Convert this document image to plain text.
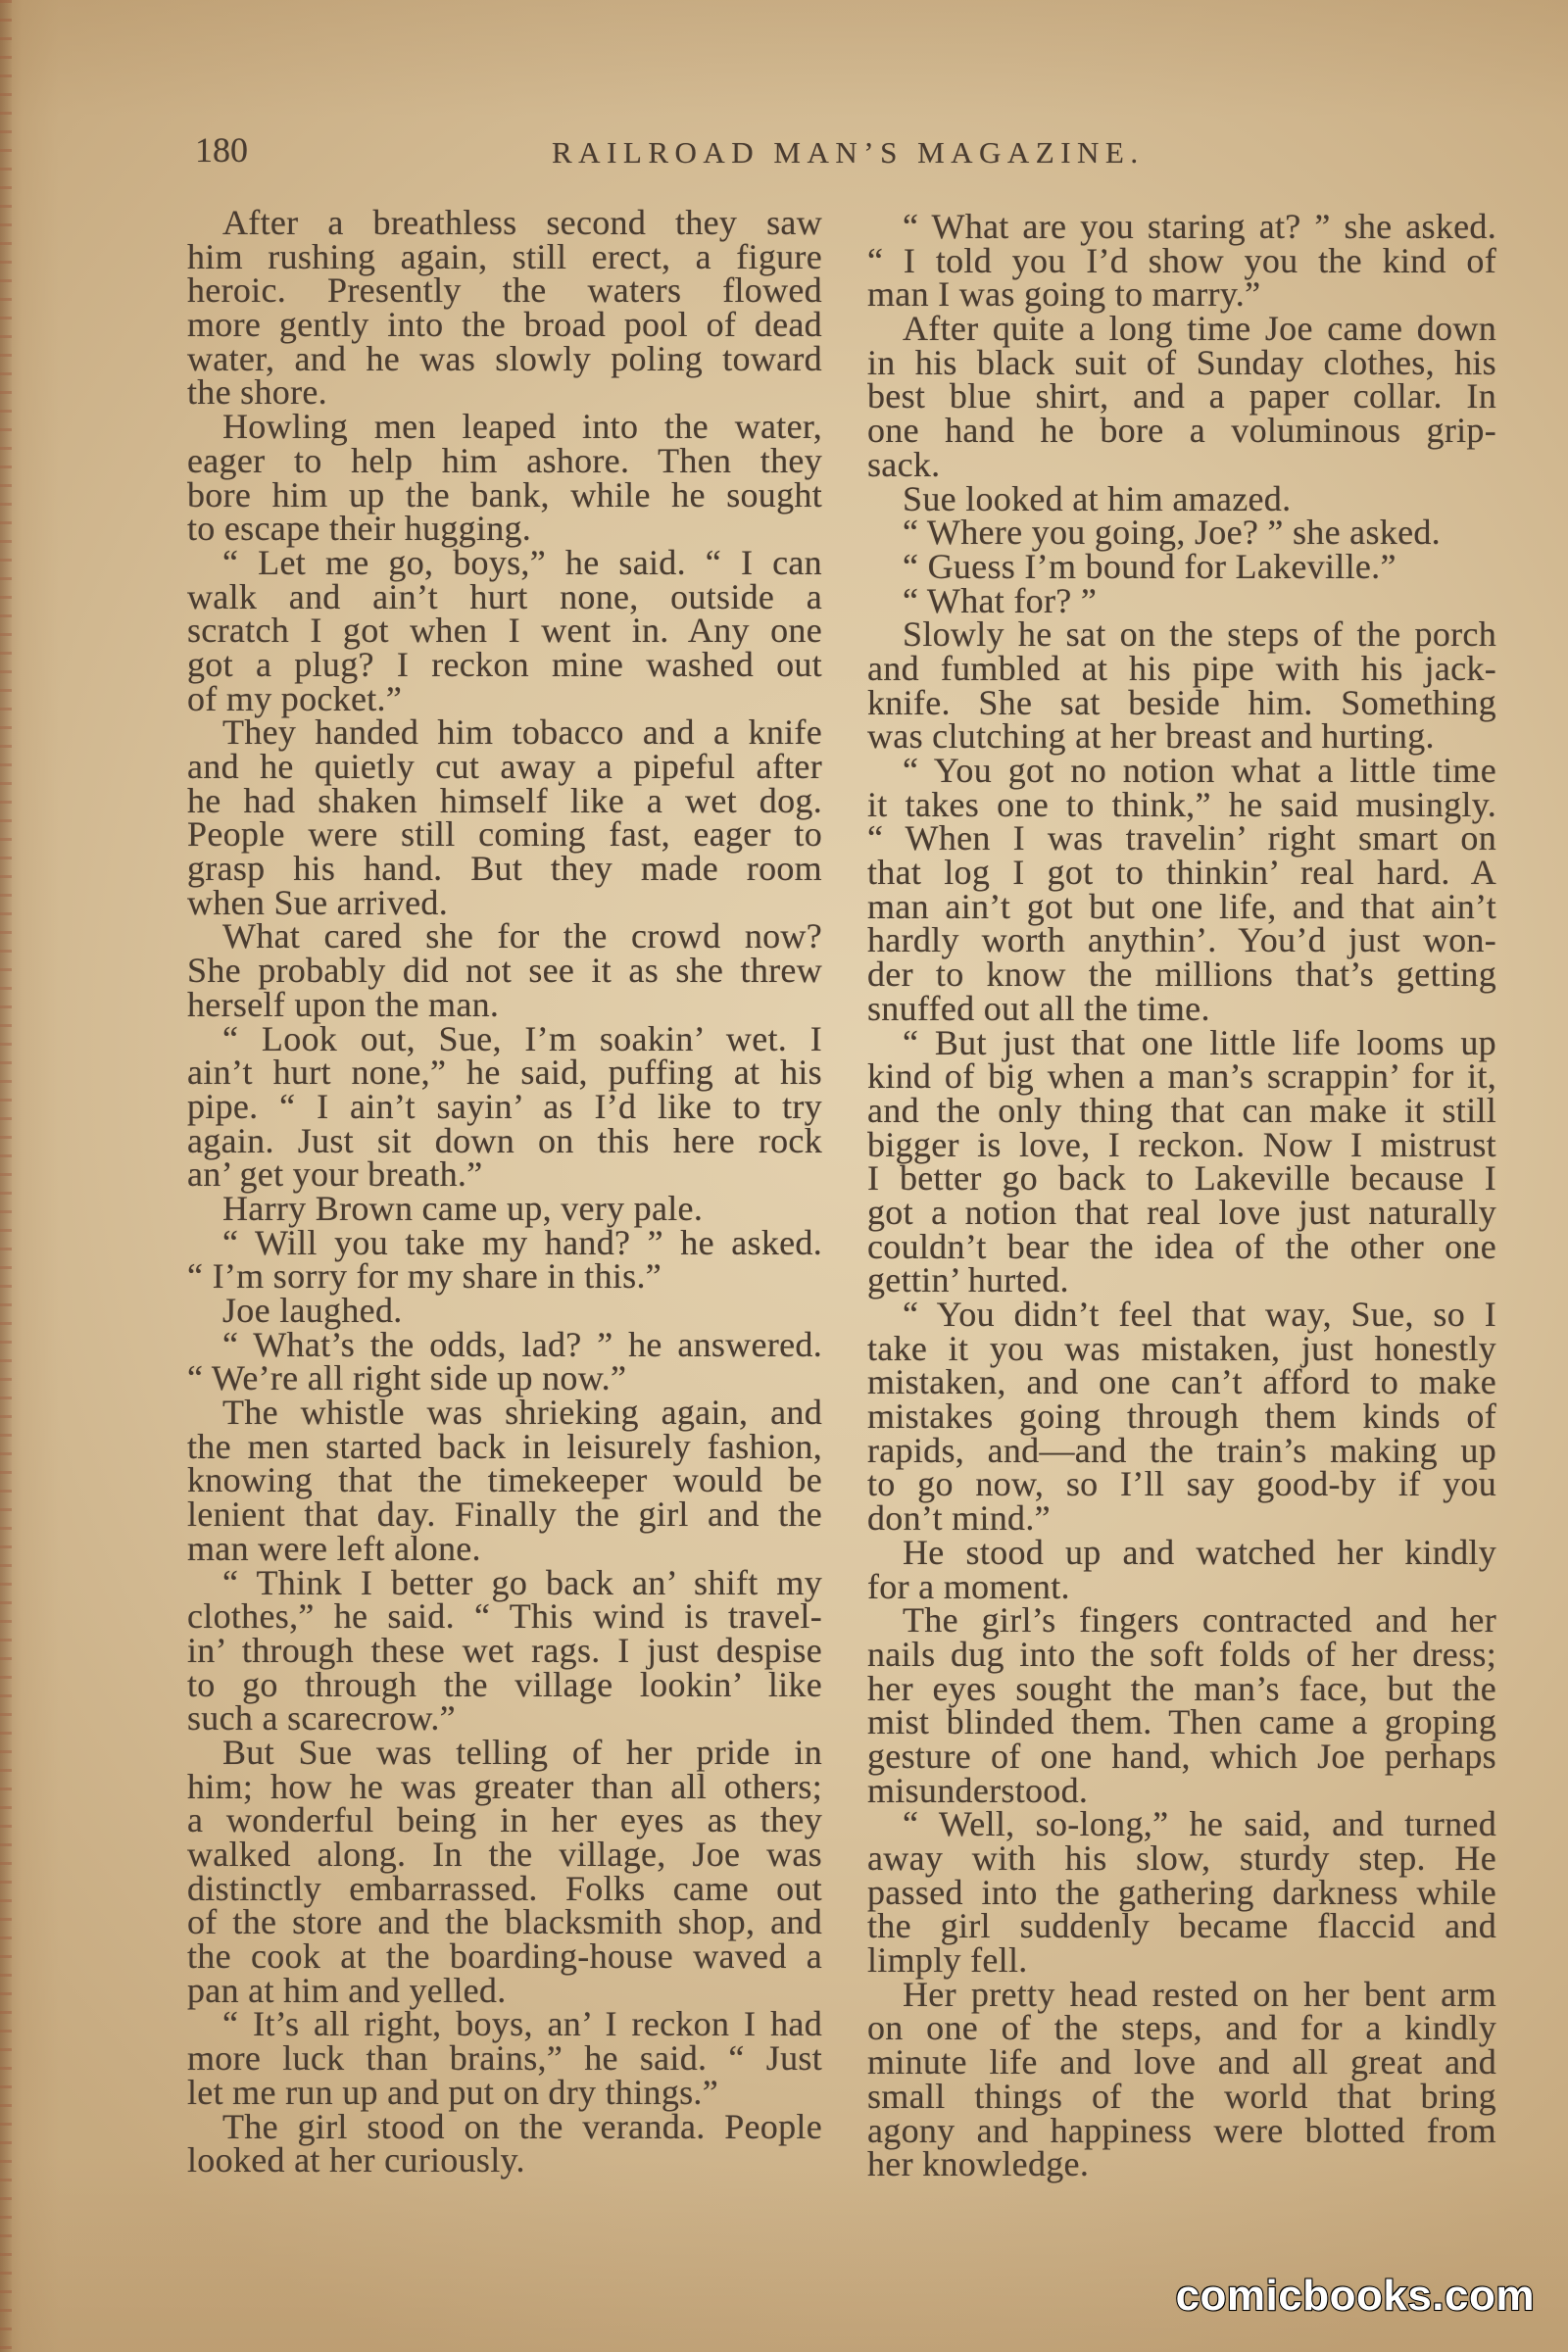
180	RAILROAD MAN’S MAGAZINE.
After a breathless second they saw
him rushing again, still erect, a figure
heroic. Presently the waters flowed
more gently into the broad pool of dead
water, and he was slowly poling toward
the shore.
Howling men leaped into the water,
eager to help him ashore. Then they
bore him up the bank, while he sought
to escape their hugging.
“ Let me go, boys,” he said. “ I can
walk and ain’t hurt none, outside a
scratch I got when I went in. Any one
got a plug? I reckon mine washed out
of my pocket.”
They handed him tobacco and a knife
and he quietly cut away a pipeful after
he had shaken himself like a wet dog.
People were still coming fast, eager to
grasp his hand. But they made room
when Sue arrived.
What cared she for the crowd now?
She probably did not see it as she threw
herself upon the man.
“ Look out, Sue, I’m soakin’ wet. I
ain’t hurt none,” he said, puffing at his
pipe. “ I ain’t sayin’ as I’d like to try
again. Just sit down on this here rock
an’ get your breath.”
Harry Brown came up, very pale.
“ Will you take my hand? ” he asked.
“ I’m sorry for my share in this.”
Joe laughed.
“ What’s the odds, lad? ” he answered.
“ We’re all right side up now.”
The whistle was shrieking again, and
the men started back in leisurely fashion,
knowing that the timekeeper would be
lenient that day. Finally the girl and the
man were left alone.
“ Think I better go back an’ shift my
clothes,” he said. “ This wind is travel-
in’ through these wet rags. I just despise
to go through the village lookin’ like
such a scarecrow.”
But Sue was telling of her pride in
him; how he was greater than all others;
a wonderful being in her eyes as they
walked along. In the village, Joe was
distinctly embarrassed. Folks came out
of the store and the blacksmith shop, and
the cook at the boarding-house waved a
pan at him and yelled.
“ It’s all right, boys, an’ I reckon I had
more luck than brains,” he said. “ Just
let me run up and put on dry things.”
The girl stood on the veranda. People
looked at her curiously.
“ What are you staring at? ” she asked.
“ I told you I’d show you the kind of
man I was going to marry.”
After quite a long time Joe came down
in his black suit of Sunday clothes, his
best blue shirt, and a paper collar. In
one hand he bore a voluminous grip-
sack.
Sue looked at him amazed.
“ Where you going, Joe? ” she asked.
“ Guess I’m bound for Lakeville.”
“ What for? ”
Slowly he sat on the steps of the porch
and fumbled at his pipe with his jack-
knife. She sat beside him. Something
was clutching at her breast and hurting.
“ You got no notion what a little time
it takes one to think,” he said musingly.
“ When I was travelin’ right smart on
that log I got to thinkin’ real hard. A
man ain’t got but one life, and that ain’t
hardly worth anythin’. You’d just won-
der to know the millions that’s getting
snuffed out all the time.
“ But just that one little life looms up
kind of big when a man’s scrappin’ for it,
and the only thing that can make it still
bigger is love, I reckon. Now I mistrust
I better go back to Lakeville because I
got a notion that real love just naturally
couldn’t bear the idea of the other one
gettin’ hurted.
“ You didn’t feel that way, Sue, so I
take it you was mistaken, just honestly
mistaken, and one can’t afford to make
mistakes going through them kinds of
rapids, and—and the train’s making up
to go now, so I’ll say good-by if you
don’t mind.”
He stood up and watched her kindly
for a moment.
The girl’s fingers contracted and her
nails dug into the soft folds of her dress;
her eyes sought the man’s face, but the
mist blinded them. Then came a groping
gesture of one hand, which Joe perhaps
misunderstood.
“ Well, so-long,” he said, and turned
away with his slow, sturdy step. He
passed into the gathering darkness while
the girl suddenly became flaccid and
limply fell.
Her pretty head rested on her bent arm
on one of the steps, and for a kindly
minute life and love and all great and
small things of the world that bring
agony and happiness were blotted from
her knowledge.
comicbooks.com
